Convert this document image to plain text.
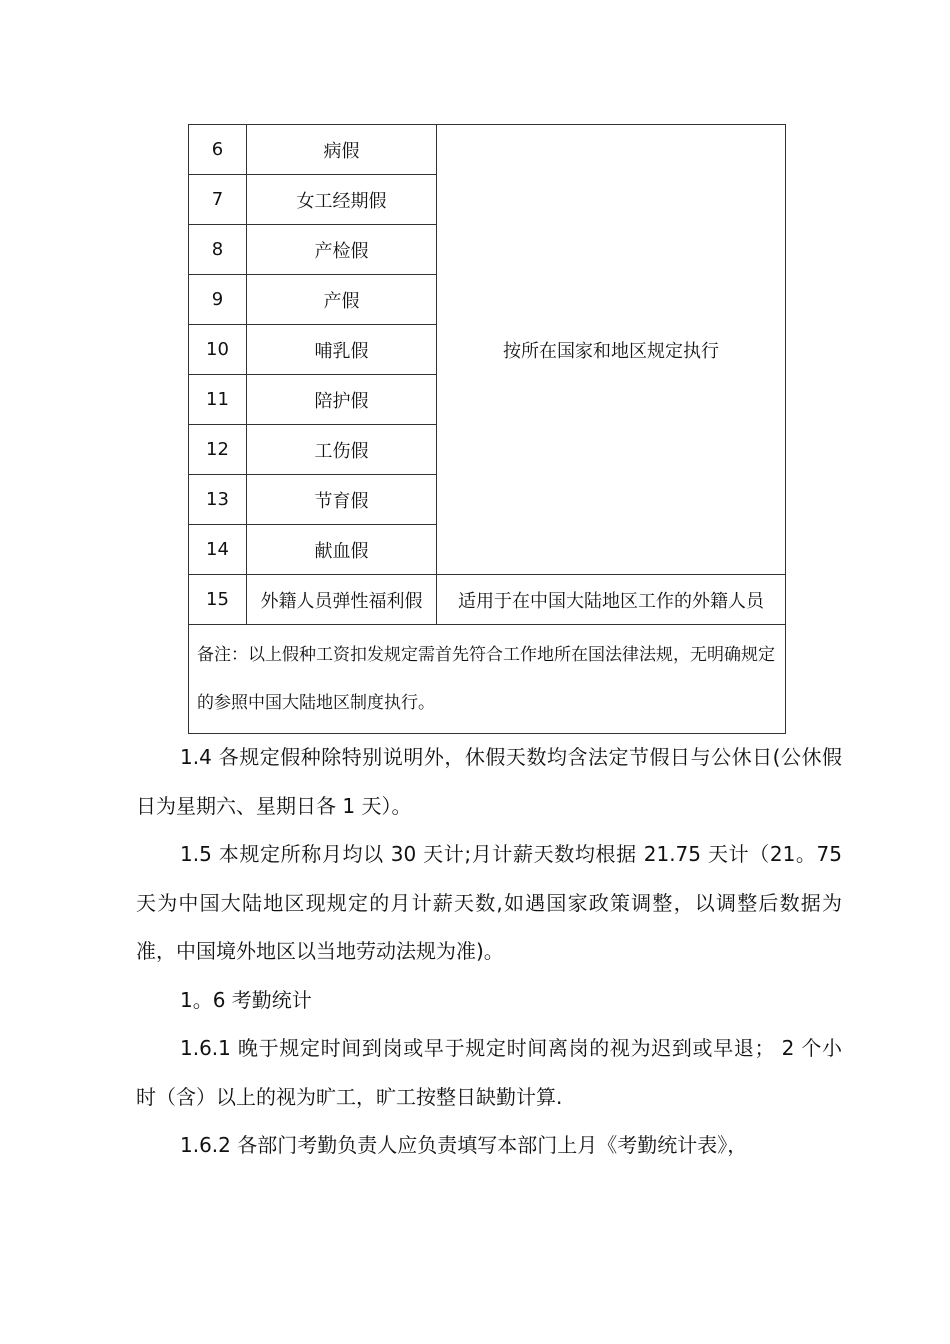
6	病假	按所在国家和地区规定执行
7	女工经期假	
8	产检假	
9	产假	
10	哺乳假	
11	陪护假	
12	工伤假	
13	节育假	
14	献血假	
15	外籍人员弹性福利假	适用于在中国大陆地区工作的外籍人员
备注：以上假种工资扣发规定需首先符合工作地所在国法律法规，无明确规定的参照中国大陆地区制度执行。		

1.4 各规定假种除特别说明外，休假天数均含法定节假日与公休日(公休假日为星期六、星期日各 1 天）。

1.5 本规定所称月均以 30 天计;月计薪天数均根据 21.75 天计（21。75 天为中国大陆地区现规定的月计薪天数,如遇国家政策调整，以调整后数据为准，中国境外地区以当地劳动法规为准)。

1。6 考勤统计

1.6.1 晚于规定时间到岗或早于规定时间离岗的视为迟到或早退； 2 个小时（含）以上的视为旷工，旷工按整日缺勤计算.

1.6.2 各部门考勤负责人应负责填写本部门上月《考勤统计表》，
